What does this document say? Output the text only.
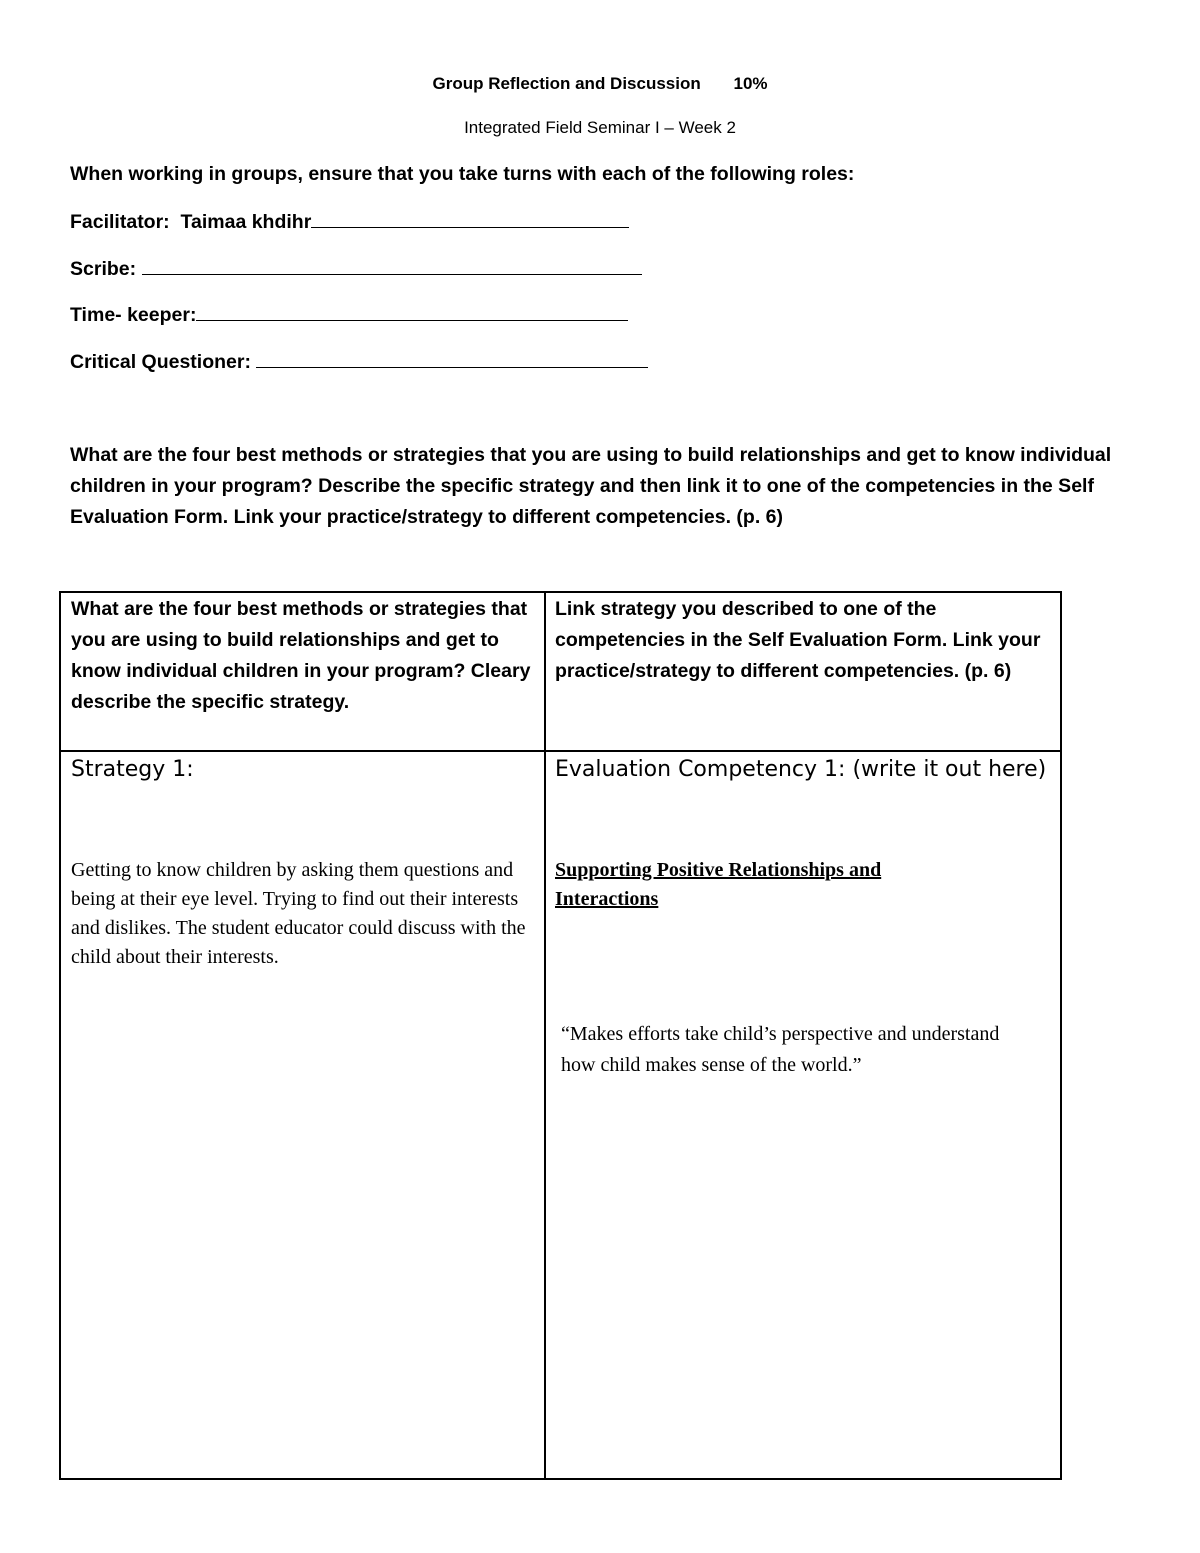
Group Reflection and Discussion 10%
Integrated Field Seminar I – Week 2
When working in groups, ensure that you take turns with each of the following roles:
Facilitator: Taimaa khdihr
Scribe:
Time- keeper:
Critical Questioner:
What are the four best methods or strategies that you are using to build relationships and get to know individual children in your program? Describe the specific strategy and then link it to one of the competencies in the Self Evaluation Form. Link your practice/strategy to different competencies. (p. 6)
What are the four best methods or strategies that you are using to build relationships and get to know individual children in your program? Cleary describe the specific strategy.
Link strategy you described to one of the competencies in the Self Evaluation Form. Link your practice/strategy to different competencies. (p. 6)
Strategy 1:	Evaluation Competency 1: (write it out here)
Getting to know children by asking them questions and being at their eye level. Trying to find out their interests and dislikes. The student educator could discuss with the child about their interests.
Supporting Positive Relationships and Interactions
“Makes efforts take child’s perspective and understand how child makes sense of the world.”
